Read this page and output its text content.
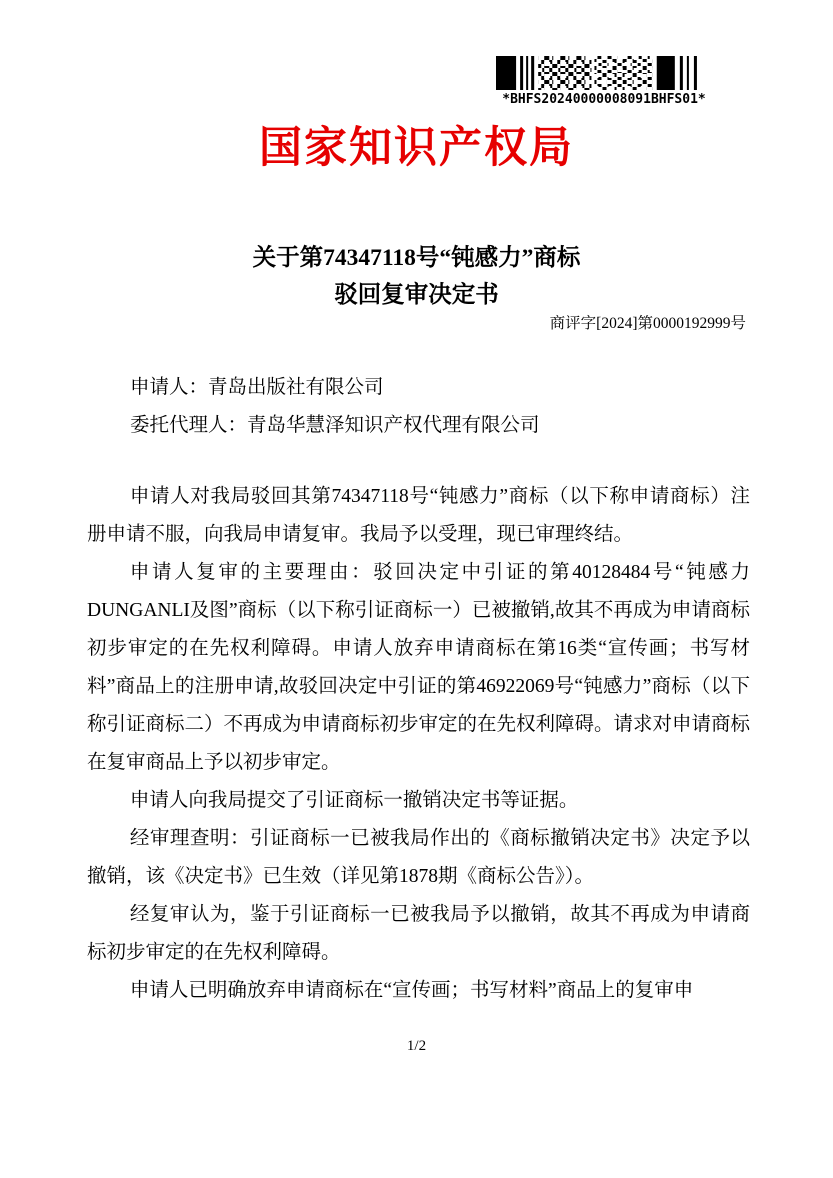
*BHFS20240000008091BHFS01*
国家知识产权局
关于第74347118号“钝感力”商标
驳回复审决定书
商评字[2024]第0000192999号

申请人：青岛出版社有限公司

委托代理人：青岛华慧泽知识产权代理有限公司

申请人对我局驳回其第74347118号“钝感力”商标（以下称申请商标）注册申请不服，向我局申请复审。我局予以受理，现已审理终结。

申请人复审的主要理由：驳回决定中引证的第40128484号“钝感力DUNGANLI及图”商标（以下称引证商标一）已被撤销,故其不再成为申请商标初步审定的在先权利障碍。申请人放弃申请商标在第16类“宣传画；书写材料”商品上的注册申请,故驳回决定中引证的第46922069号“钝感力”商标（以下称引证商标二）不再成为申请商标初步审定的在先权利障碍。请求对申请商标在复审商品上予以初步审定。

申请人向我局提交了引证商标一撤销决定书等证据。

经审理查明：引证商标一已被我局作出的《商标撤销决定书》决定予以撤销，该《决定书》已生效（详见第1878期《商标公告》）。

经复审认为，鉴于引证商标一已被我局予以撤销，故其不再成为申请商标初步审定的在先权利障碍。

申请人已明确放弃申请商标在“宣传画；书写材料”商品上的复审申

1/2
